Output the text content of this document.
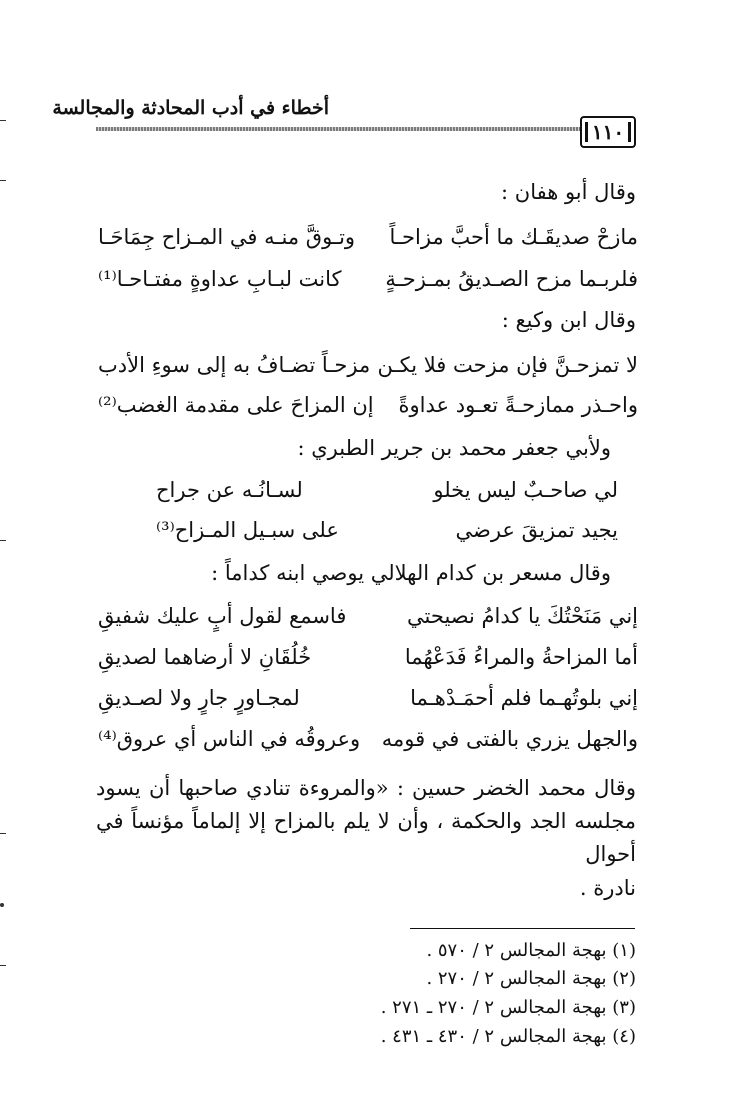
أخطاء في أدب المحادثة والمجالسة
١١٠
وقال أبو هفان :
مازحْ صديقَـك ما أحبَّ مزاحـاً
وتـوقَّ منـه في المـزاح جِمَاحَـا
فلربـما مزح الصـديقُ بمـزحـةٍ
كانت لبـابِ عداوةٍ مفتـاحـا⁽¹⁾
وقال ابن وكيع :
لا تمزحـنَّ فإن مزحت فلا يكـن
مزحـاً تضـافُ به إلى سوءِ الأدب
واحـذر ممازحـةً تعـود عداوةً
إن المزاحَ على مقدمة الغضب⁽²⁾
ولأبي جعفر محمد بن جرير الطبري :
لي صاحـبٌ ليس يخلو
لسـانُـه عن جراح
يجيد تمزيقَ عرضي
على سبـيل المـزاح⁽³⁾
وقال مسعر بن كدام الهلالي يوصي ابنه كداماً :
إني مَنَحْتُكَ يا كدامُ نصيحتي
فاسمع لقول أبٍ عليك شفيقِ
أما المزاحةُ والمراءُ فَدَعْهُما
خُلُقَانِ لا أرضاهما لصديقِ
إني بلوتُهـما فلم أحمَـدْهـما
لمجـاورٍ جارٍ ولا لصـديقِ
والجهل يزري بالفتى في قومه
وعروقُه في الناس أي عروق⁽⁴⁾
وقال محمد الخضر حسين : «والمروءة تنادي صاحبها أن يسود مجلسه الجد والحكمة ، وأن لا يلم بالمزاح إلا إلماماً مؤنساً في أحوال
نادرة .
(١) بهجة المجالس ٢ / ٥٧٠ .
(٢) بهجة المجالس ٢ / ٢٧٠ .
(٣) بهجة المجالس ٢ / ٢٧٠ ـ ٢٧١ .
(٤) بهجة المجالس ٢ / ٤٣٠ ـ ٤٣١ .
